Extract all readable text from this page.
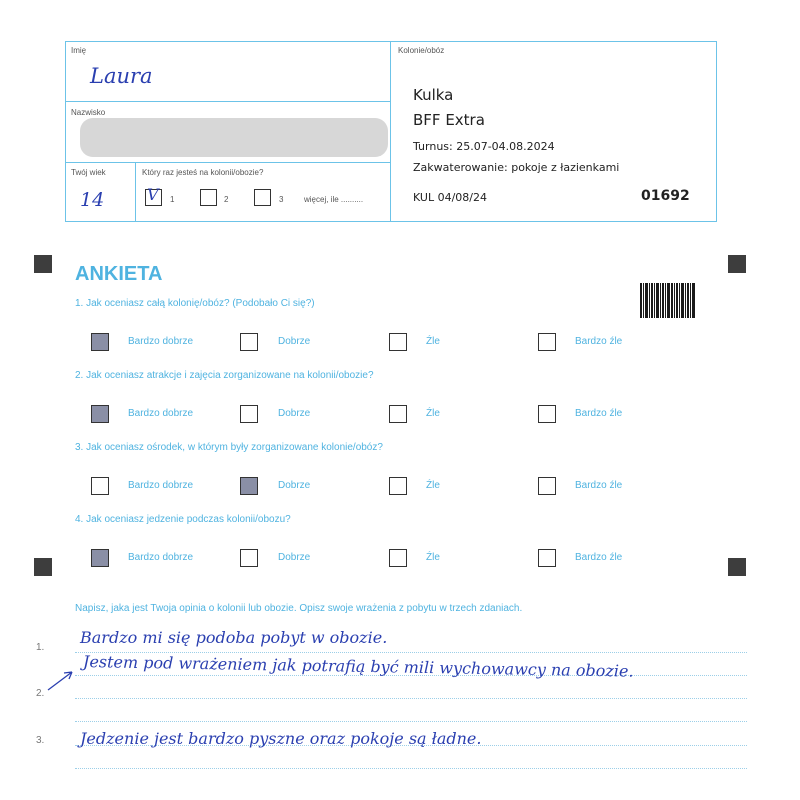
Imię
Laura
Nazwisko
Twój wiek
14
Który raz jesteś na kolonii/obozie?
V 1	2	3	więcej, ile ..........
Kolonie/obóz
Kulka
BFF Extra
Turnus: 25.07-04.08.2024
Zakwaterowanie: pokoje z łazienkami
KUL 04/08/24	01692
ANKIETA
1. Jak oceniasz całą kolonię/obóz? (Podobało Ci się?)
Bardzo dobrze	Dobrze	Źle	Bardzo źle
2. Jak oceniasz atrakcje i zajęcia zorganizowane na kolonii/obozie?
Bardzo dobrze	Dobrze	Źle	Bardzo źle
3. Jak oceniasz ośrodek, w którym były zorganizowane kolonie/obóz?
Bardzo dobrze	Dobrze	Źle	Bardzo źle
4. Jak oceniasz jedzenie podczas kolonii/obozu?
Bardzo dobrze	Dobrze	Źle	Bardzo źle
Napisz, jaka jest Twoja opinia o kolonii lub obozie. Opisz swoje wrażenia z pobytu w trzech zdaniach.
1.
2.
3.
Bardzo mi się podoba pobyt w obozie.
Jestem pod wrażeniem jak potrafią być mili wychowawcy na obozie.
Jedzenie jest bardzo pyszne oraz pokoje są ładne.
